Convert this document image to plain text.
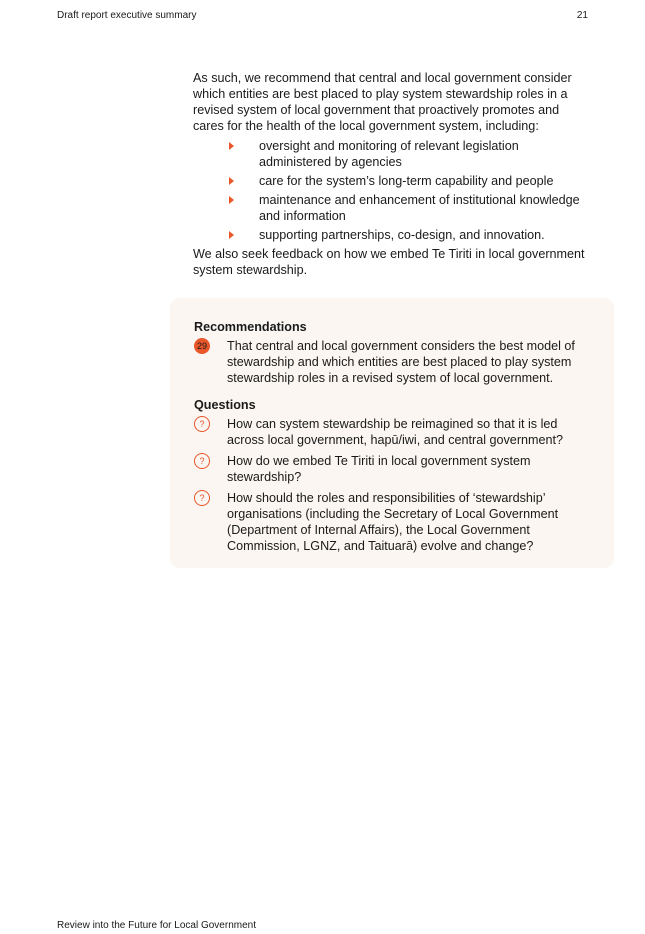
Draft report executive summary	21

As such, we recommend that central and local government consider which entities are best placed to play system stewardship roles in a revised system of local government that proactively promotes and cares for the health of the local government system, including:

oversight and monitoring of relevant legislation administered by agencies
care for the system’s long-term capability and people
maintenance and enhancement of institutional knowledge and information
supporting partnerships, co-design, and innovation.

We also seek feedback on how we embed Te Tiriti in local government system stewardship.

Recommendations
29 That central and local government considers the best model of stewardship and which entities are best placed to play system stewardship roles in a revised system of local government.
Questions
?	How can system stewardship be reimagined so that it is led across local government, hapū/iwi, and central government?
?	How do we embed Te Tiriti in local government system stewardship?
?	How should the roles and responsibilities of ‘stewardship’ organisations (including the Secretary of Local Government (Department of Internal Affairs), the Local Government Commission, LGNZ, and Taituarā) evolve and change?
Review into the Future for Local Government
